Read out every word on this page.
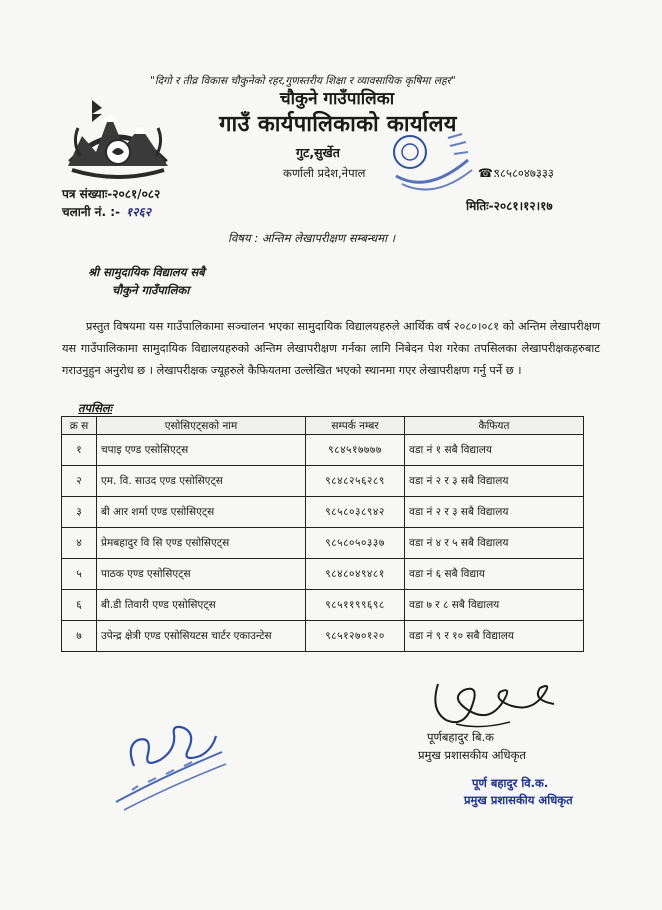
"दिगो र तीव्र विकास चौकुनेको रहर,गुणस्तरीय शिक्षा र व्यावसायिक कृषिमा लहर"
चौकुने गाउँपालिका
गाउँ कार्यपालिकाको कार्यालय
गुट,सुर्खेत
कर्णाली प्रदेश,नेपाल	☎:
९८५८०४७३३३
पत्र संख्याः-२०८१/०८२
चलानी नं. :- १२६२	मितिः-२०८१।१२।१७
विषय : अन्तिम लेखापरीक्षण सम्बन्धमा ।
श्री सामुदायिक विद्यालय सबै
चौकुने गाउँपालिका
प्रस्तुत विषयमा यस गाउँपालिकामा सञ्चालन भएका सामुदायिक विद्यालयहरुले आर्थिक वर्ष २०८०।०८१ को अन्तिम लेखापरीक्षण यस गाउँपालिकामा सामुदायिक विद्यालयहरुको अन्तिम लेखापरीक्षण गर्नका लागि निबेदन पेश गरेका तपसिलका लेखापरीक्षकहरुबाट गराउनुहुन अनुरोध छ । लेखापरीक्षक ज्यूहरुले कैफियतमा उल्लेखित भएको स्थानमा गएर लेखापरीक्षण गर्नु पर्ने छ ।
तपसिलः
क्र स	एसोसिएट्सको नाम	सम्पर्क नम्बर	कैफियत
१	चपाइ एण्ड एसोसिएट्स	९८४५१७७७७	वडा नं १ सबै विद्यालय
२	एम. वि. साउद एण्ड एसोसिएट्स	९८४८२५६२८९	वडा नं २ र ३ सबै विद्यालय
३	बी आर शर्मा एण्ड एसोसिएट्स	९८५८०३८९४२	वडा नं २ र ३ सबै विद्यालय
४	प्रेमबहादुर वि सि एण्ड एसोसिएट्स	९८५८०५०३३७	वडा नं ४ र ५ सबै विद्यालय
५	पाठक एण्ड एसोसिएट्स	९८४८०४९४८१	वडा नं ६ सबै विद्याय
६	बी.डी तिवारी एण्ड एसोसिएट्स	९८५११९९६९८	वडा ७ र ८ सबै विद्यालय
७	उपेन्द्र क्षेत्री एण्ड एसोसियटस चार्टर एकाउन्टेस	९८५१२७०१२०	वडा नं ९ र १० सबै विद्यालय
पूर्णबहादुर बि.क
प्रमुख प्रशासकीय अधिकृत
पूर्ण बहादुर वि.क.
प्रमुख प्रशासकीय अधिकृत
